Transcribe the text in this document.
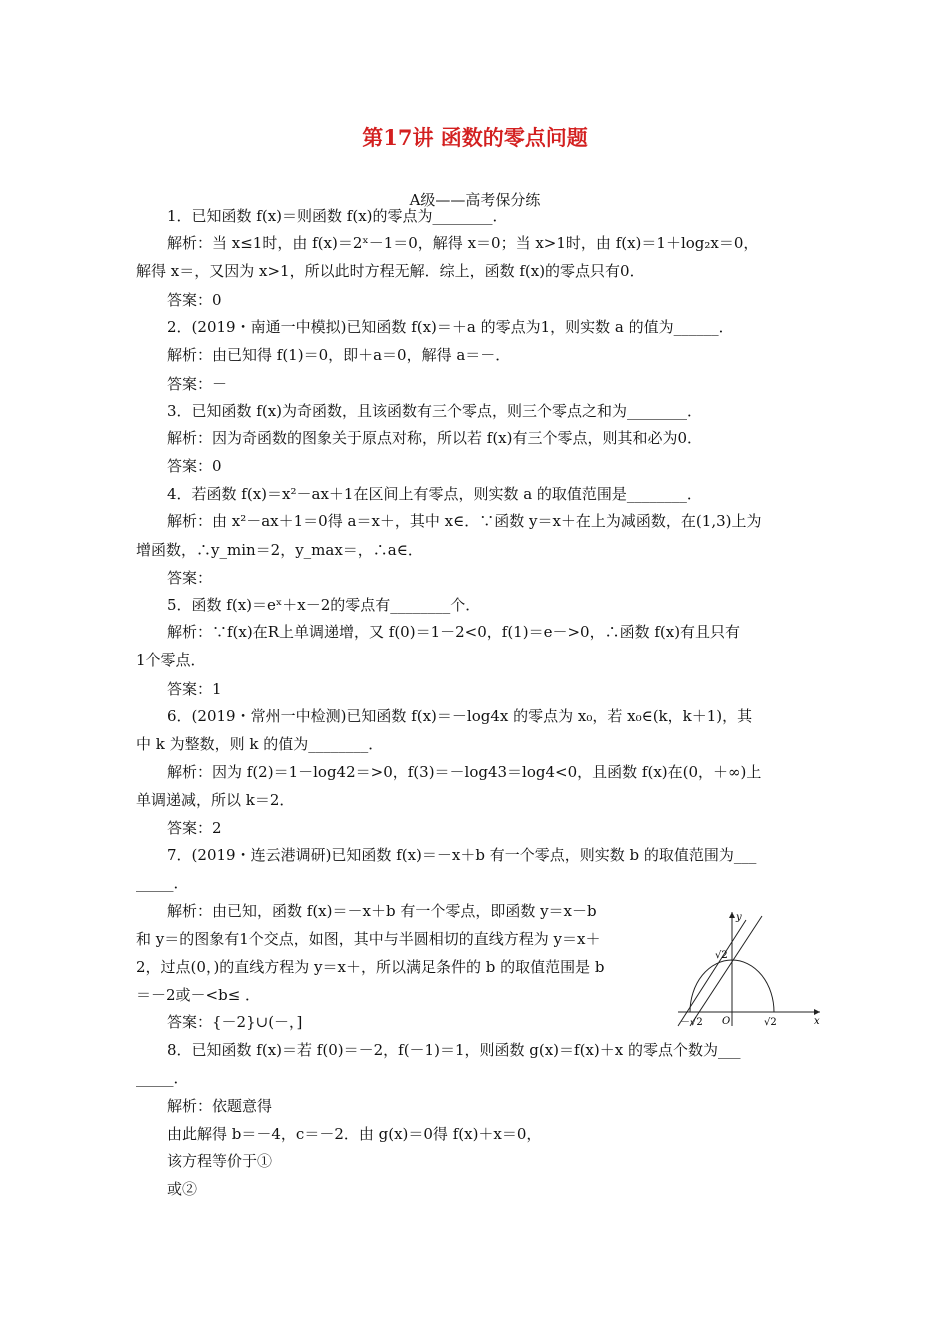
第17讲 函数的零点问题
A级——高考保分练
1．已知函数 f(x)＝则函数 f(x)的零点为________．
解析：当 x≤1时，由 f(x)＝2ˣ－1＝0，解得 x＝0；当 x>1时，由 f(x)＝1＋log₂x＝0，
解得 x＝，又因为 x>1，所以此时方程无解．综上，函数 f(x)的零点只有0．
答案：0
2．(2019・南通一中模拟)已知函数 f(x)＝＋a 的零点为1，则实数 a 的值为______．
解析：由已知得 f(1)＝0，即＋a＝0，解得 a＝－．
答案：－
3．已知函数 f(x)为奇函数，且该函数有三个零点，则三个零点之和为________．
解析：因为奇函数的图象关于原点对称，所以若 f(x)有三个零点，则其和必为0．
答案：0
4．若函数 f(x)＝x²－ax＋1在区间上有零点，则实数 a 的取值范围是________．
解析：由 x²－ax＋1＝0得 a＝x＋，其中 x∈．∵函数 y＝x＋在上为减函数，在(1,3)上为
增函数，∴y_min＝2，y_max＝，∴a∈．
答案：
5．函数 f(x)＝eˣ＋x－2的零点有________个．
解析：∵f(x)在R上单调递增，又 f(0)＝1－2<0，f(1)＝e－>0，∴函数 f(x)有且只有
1个零点．
答案：1
6．(2019・常州一中检测)已知函数 f(x)＝－log4x 的零点为 x₀，若 x₀∈(k，k＋1)，其
中 k 为整数，则 k 的值为________．
解析：因为 f(2)＝1－log42＝>0，f(3)＝－log43＝log4<0，且函数 f(x)在(0，＋∞)上
单调递减，所以 k＝2．
答案：2
7．(2019・连云港调研)已知函数 f(x)＝－x＋b 有一个零点，则实数 b 的取值范围为___
_____．
解析：由已知，函数 f(x)＝－x＋b 有一个零点，即函数 y＝x－b
和 y＝的图象有1个交点，如图，其中与半圆相切的直线方程为 y＝x＋
2，过点(0，)的直线方程为 y＝x＋，所以满足条件的 b 的取值范围是 b
＝－2或－<b≤ ．
答案：{－2}∪(－，]
8．已知函数 f(x)＝若 f(0)＝－2，f(－1)＝1，则函数 g(x)＝f(x)＋x 的零点个数为___
_____．
解析：依题意得
由此解得 b＝－4，c＝－2．由 g(x)＝0得 f(x)＋x＝0，
该方程等价于①
或②
y
x
O
－√2	√2
√2
